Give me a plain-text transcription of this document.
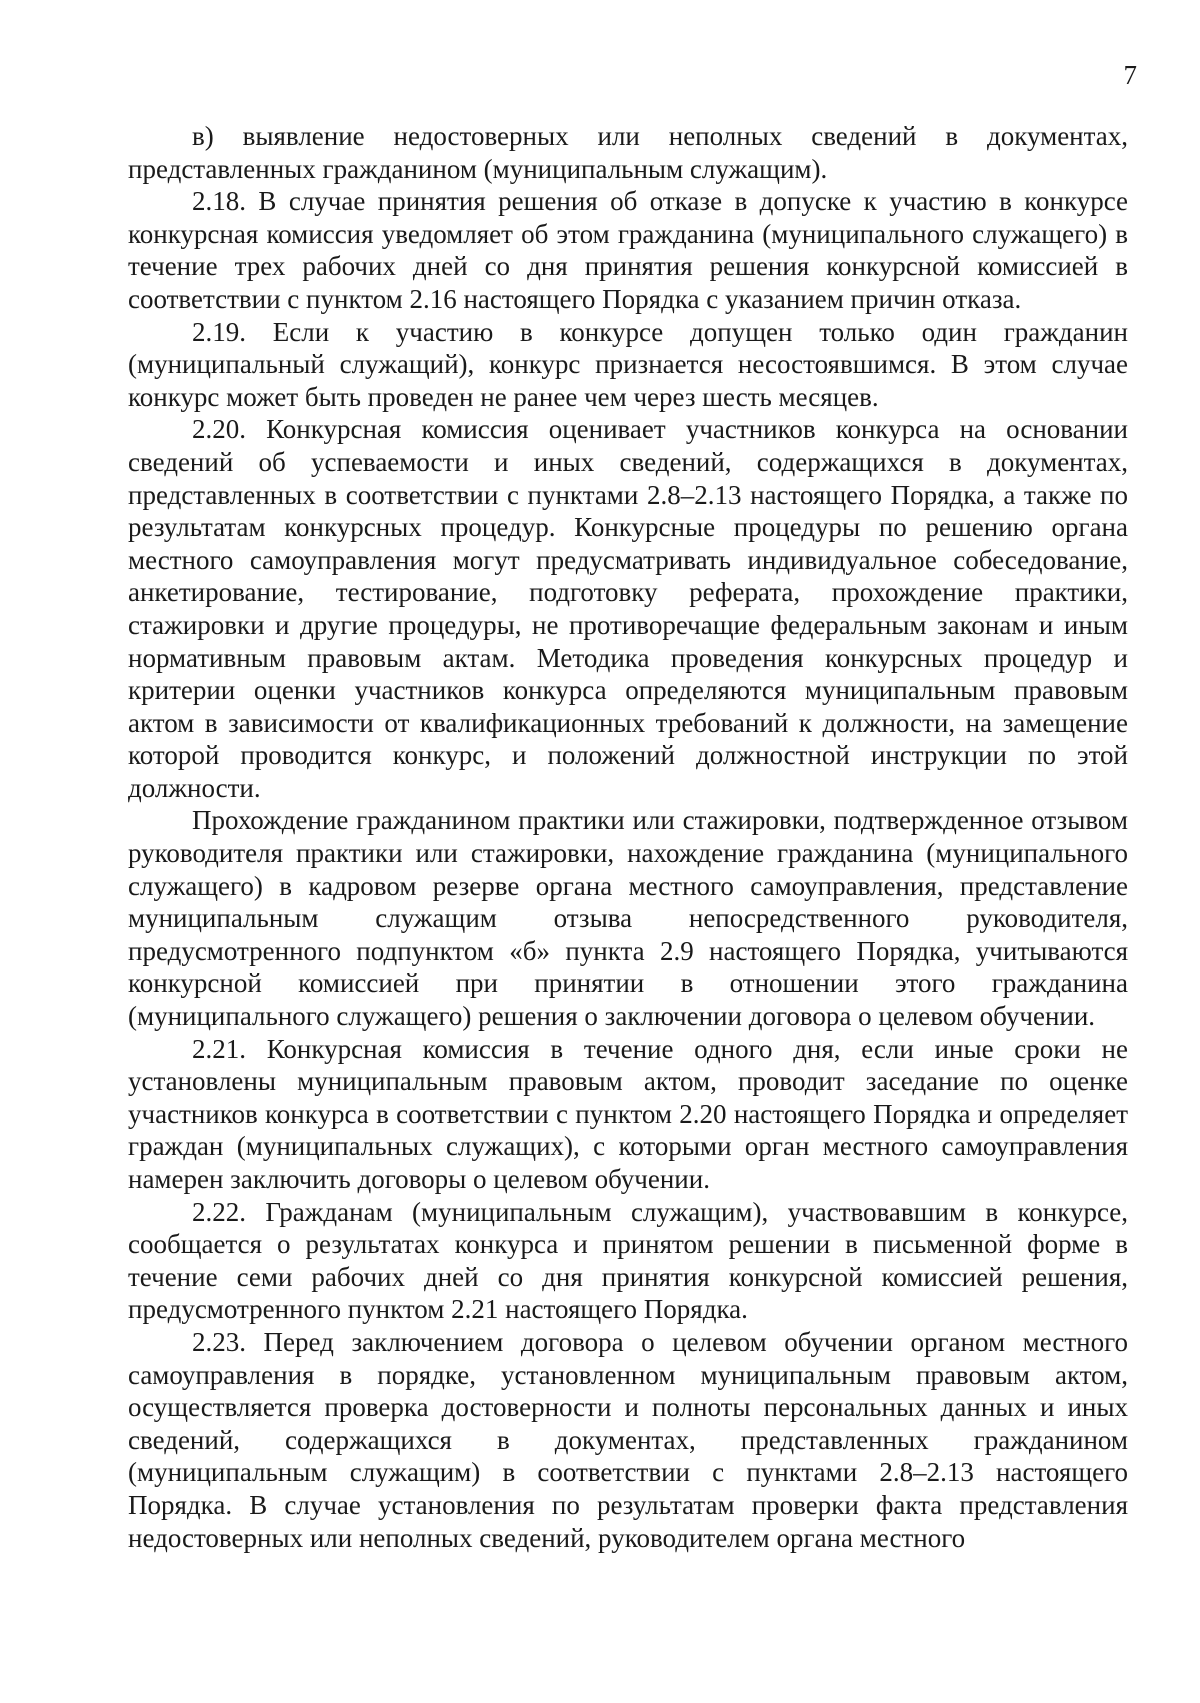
7

в) выявление недостоверных или неполных сведений в документах, представленных гражданином (муниципальным служащим).

2.18. В случае принятия решения об отказе в допуске к участию в конкурсе конкурсная комиссия уведомляет об этом гражданина (муниципального служащего) в течение трех рабочих дней со дня принятия решения конкурсной комиссией в соответствии с пунктом 2.16 настоящего Порядка с указанием причин отказа.

2.19. Если к участию в конкурсе допущен только один гражданин (муниципальный служащий), конкурс признается несостоявшимся. В этом случае конкурс может быть проведен не ранее чем через шесть месяцев.

2.20. Конкурсная комиссия оценивает участников конкурса на основании сведений об успеваемости и иных сведений, содержащихся в документах, представленных в соответствии с пунктами 2.8–2.13 настоящего Порядка, а также по результатам конкурсных процедур. Конкурсные процедуры по решению органа местного самоуправления могут предусматривать индивидуальное собеседование, анкетирование, тестирование, подготовку реферата, прохождение практики, стажировки и другие процедуры, не противоречащие федеральным законам и иным нормативным правовым актам. Методика проведения конкурсных процедур и критерии оценки участников конкурса определяются муниципальным правовым актом в зависимости от квалификационных требований к должности, на замещение которой проводится конкурс, и положений должностной инструкции по этой должности.

Прохождение гражданином практики или стажировки, подтвержденное отзывом руководителя практики или стажировки, нахождение гражданина (муниципального служащего) в кадровом резерве органа местного самоуправления, представление муниципальным служащим отзыва непосредственного руководителя, предусмотренного подпунктом «б» пункта 2.9 настоящего Порядка, учитываются конкурсной комиссией при принятии в отношении этого гражданина (муниципального служащего) решения о заключении договора о целевом обучении.

2.21. Конкурсная комиссия в течение одного дня, если иные сроки не установлены муниципальным правовым актом, проводит заседание по оценке участников конкурса в соответствии с пунктом 2.20 настоящего Порядка и определяет граждан (муниципальных служащих), с которыми орган местного самоуправления намерен заключить договоры о целевом обучении.

2.22. Гражданам (муниципальным служащим), участвовавшим в конкурсе, сообщается о результатах конкурса и принятом решении в письменной форме в течение семи рабочих дней со дня принятия конкурсной комиссией решения, предусмотренного пунктом 2.21 настоящего Порядка.

2.23. Перед заключением договора о целевом обучении органом местного самоуправления в порядке, установленном муниципальным правовым актом, осуществляется проверка достоверности и полноты персональных данных и иных сведений, содержащихся в документах, представленных гражданином (муниципальным служащим) в соответствии с пунктами 2.8–2.13 настоящего Порядка. В случае установления по результатам проверки факта представления недостоверных или неполных сведений, руководителем органа местного
